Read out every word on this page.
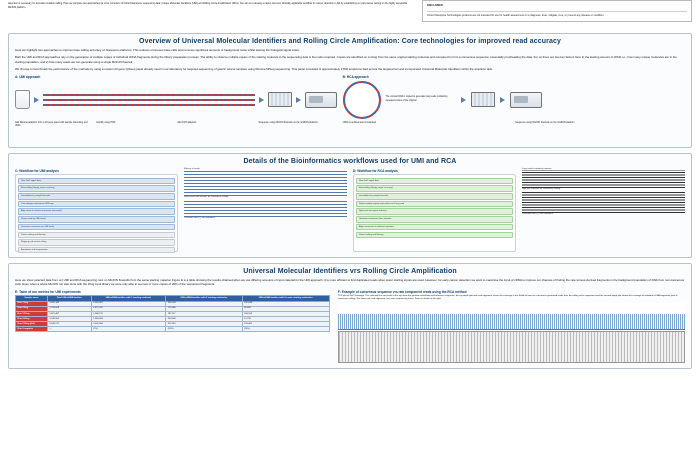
detection is necessary for accurate mutation calling. Here we compare two approaches for error correction of Oxford Nanopore sequencing data: Unique Molecular Identifiers (UMI) and Rolling Circle Amplification (RCA). Our aim is to develop a rapid, low-cost, clinically applicable workflow for cancer detection in NZ by establishing our pan-cancer testing on the highly accessible MinION platform.
DISCLAIMER:
Oxford Nanopore Technologies products are not intended for use for health assessment or to diagnose, treat, mitigate, cure, or prevent any disease or condition.
Overview of Universal Molecular Identifiers and Rolling Circle Amplification: Core technologies for improved read accuracy

Here we highlight two approaches to improve base calling accuracy on Nanopore platforms. This reduces erroneous base calls and removes significant amounts of background noise whilst leaving the biological signal intact.

Both the UMI and RCA approaches rely on the generation of multiple copies of individual cDNA fragments during the library preparation process. The ability to observe multiple copies of the starting molecule in the sequencing data is then also required. Copies are identified on coming from the same original starting molecule and compared to form a consensus sequence, essentially proofreading the data. For us there are two key factors here 1) the starting amount of cDNA i.e., how many unique molecules are in the starting population, and 2) how many reads we can generate using a single MinION flowcell.

We choose to benchmark the performance of the methods by using a custom 23 gene QIAseq panel already used in our laboratory for targeted sequencing of gastric cancer samples using Illumina MiSeq sequencing. This panel consisted of approximately 2,800 amplicons tiled across the targeted loci and incorporated Universal Molecular Identifiers within the amplicon tails.

A: UMI approach
Add Illumina adaptors from a 23 gene panel with sample barcoding and UMIs.
Amplify using PCR	Add ONT adaptors	Sequence using MinION flowcells on the GridION platform.
B: RCA approach
The circular DNA is copied to generate long reads containing repeated copies of the original
cDNA is splinted and circularised	Sequence using MinION flowcells on the GridION platform
Details of the Bioinformatics workflows used for UMI and RCA
C: Workflow for UMI analysis
Raw fast5 signal data
Basecalling (Guppy, super accuracy)
Demultiplex by sample barcode
Trim adaptors and extract UMI tags
Align reads to reference genome (minimap2)
Group reads by UMI family
Generate consensus per UMI family
Variant calling and filtering
Mapping and variant calling
Annotation and interpretation
Mixture of reads
Sorted into UMI families for consensus calling
Constant calls (+) are mutations
D: Workflow for RCA analysis
Raw fast5 signal data
Basecalling (Guppy, super accuracy)
Demultiplex by sample barcode
Detect tandem repeat units within each long read
Split read into repeat subunits
Generate consensus from subunits
Align consensus to reference genome
Variant calling and filtering
Long reads containing repeats
Split into subunits for consensus calling
Constant calls (+) are mutations
Universal Molecular Identifiers vrs Rolling Circle Amplification

Here we show selected data from our UMI and RCA sequencing runs on MinION flowcells from the same starting material. Figure E is a table showing the results obtained when we use differing amounts of input material for the UMI approach. It is more efficient to find duplicated reads when lower starting inputs are used. However, for early cancer detection we want to maximise the input of cDNA to improve our chances of finding the rare tumour-derived fragments in the background population of DNA from non-cancerous cells. Even when a whole MinION run was done with the 20ng input library we were only able to see two or more copies of 20% of the sequenced fragments.

E: Table of run metrics for UMI experiments
Sample name	Total UMI-cDNA families	UMI+cDNA families with 1 starting molecule	UMI+cDNA families with 2 starting molecules	UMI+cDNA families with 3+ more starting molecules
Run 1 2ng	1,092,185	1,001,367	135,209	132,038
Run 2 5ng	1,709,008	1,471,437	175,086	62,485
Run 3 10ng	1,871,487	1,566,211	197,117	108,159
Run 4 20ng	2,246,554	1,983,453	250,306	12,795
Run 5 20ng (full)	2,546,217	2,001,664	411,553	133,000
Run 6 negative	—	(7%)	(19%)	(74%)
F: Example of consensus sequence vrs raw component reads using the RCA method
TOP plot of 4xV2 coverage. The coloured line and scale at the top show the genome coordinate and reference sequence, the top depth plot and read alignment shows the coverage in the 8-fold fix from the consensus generated reads from the rolling circle experiment and the second depth plot shown the coverage of individual cDNA fragments prior to consensus calling. The lower raw read alignment, has more sequencing errors. Zoom in shown to the right.
